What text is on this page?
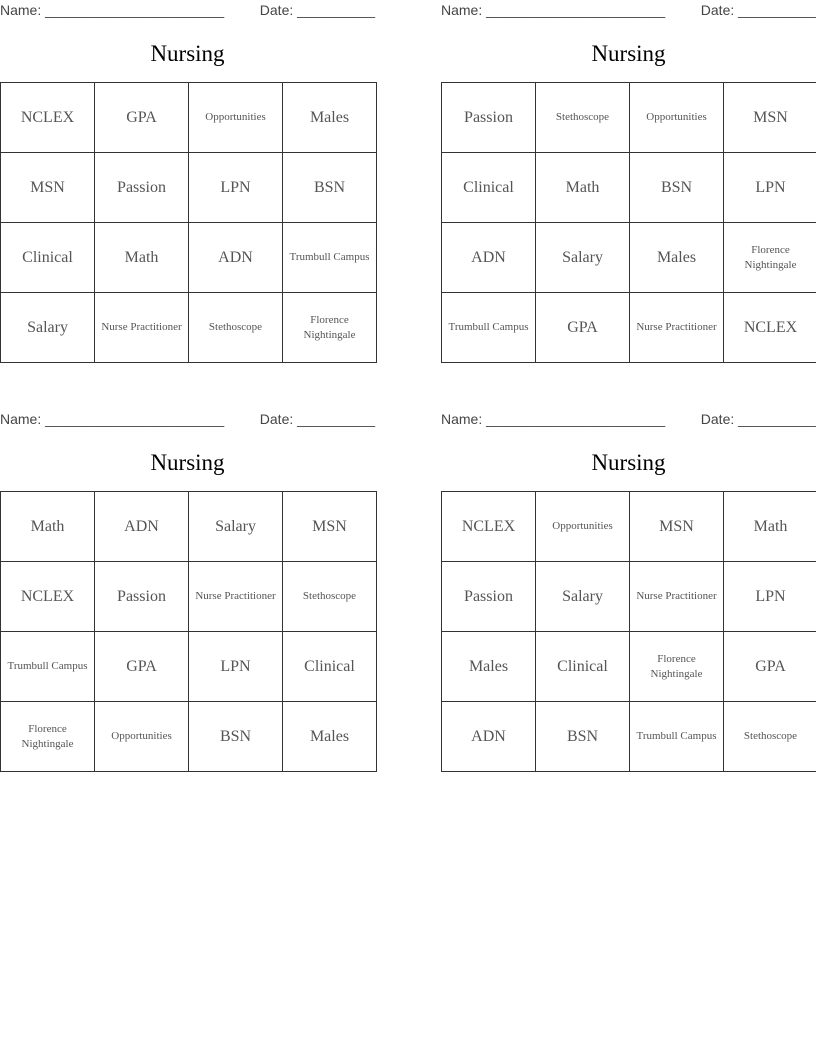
Name: _______________________	Date: __________
Nursing
NCLEX	GPA	Opportunities	Males
MSN	Passion	LPN	BSN
Clinical	Math	ADN	Trumbull Campus
Salary	Nurse Practitioner	Stethoscope	Florence Nightingale
Name: _______________________	Date: __________
Nursing
Passion	Stethoscope	Opportunities	MSN
Clinical	Math	BSN	LPN
ADN	Salary	Males	Florence Nightingale
Trumbull Campus	GPA	Nurse Practitioner	NCLEX
Name: _______________________	Date: __________
Nursing
Math	ADN	Salary	MSN
NCLEX	Passion	Nurse Practitioner	Stethoscope
Trumbull Campus	GPA	LPN	Clinical
Florence Nightingale	Opportunities	BSN	Males
Name: _______________________	Date: __________
Nursing
NCLEX	Opportunities	MSN	Math
Passion	Salary	Nurse Practitioner	LPN
Males	Clinical	Florence Nightingale	GPA
ADN	BSN	Trumbull Campus	Stethoscope
